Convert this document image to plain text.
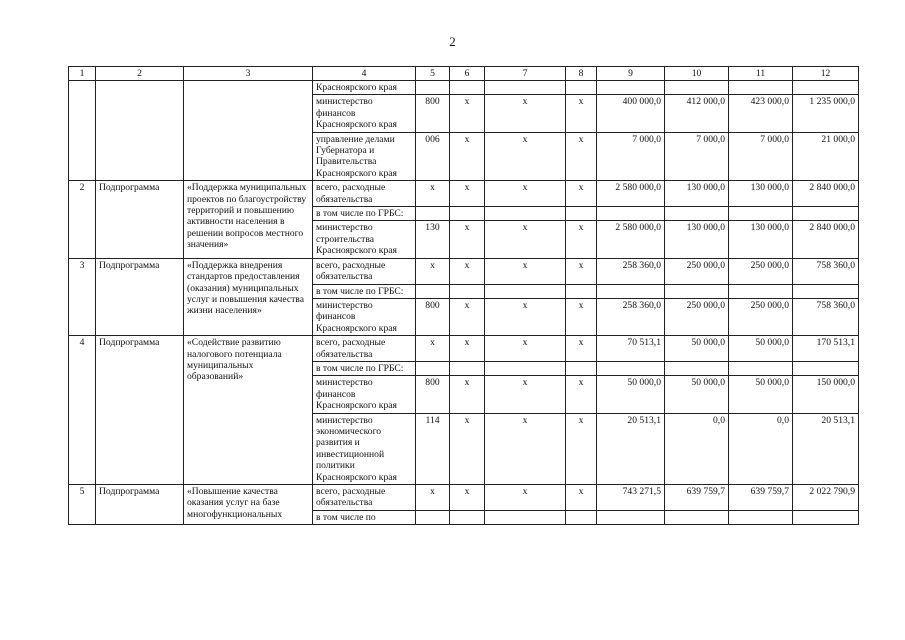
2
1	2	3	4	5	6	7	8	9	10	11	12
			Красноярского края								
			министерство финансов Красноярского края	800	х	х	х	400 000,0	412 000,0	423 000,0	1 235 000,0
			управление делами Губернатора и Правительства Красноярского края	006	х	х	х	7 000,0	7 000,0	7 000,0	21 000,0
2	Подпрограмма	«Поддержка муниципальных проектов по благоустройству территорий и повышению активности населения в решении вопросов местного значения»	всего, расходные обязательства	х	х	х	х	2 580 000,0	130 000,0	130 000,0	2 840 000,0
			в том числе по ГРБС:								
			министерство строительства Красноярского края	130	х	х	х	2 580 000,0	130 000,0	130 000,0	2 840 000,0
3	Подпрограмма	«Поддержка внедрения стандартов предоставления (оказания) муниципальных услуг и повышения качества жизни населения»	всего, расходные обязательства	х	х	х	х	258 360,0	250 000,0	250 000,0	758 360,0
			в том числе по ГРБС:								
			министерство финансов Красноярского края	800	х	х	х	258 360,0	250 000,0	250 000,0	758 360,0
4	Подпрограмма	«Содействие развитию налогового потенциала муниципальных образований»	всего, расходные обязательства	х	х	х	х	70 513,1	50 000,0	50 000,0	170 513,1
			в том числе по ГРБС:								
			министерство финансов Красноярского края	800	х	х	х	50 000,0	50 000,0	50 000,0	150 000,0
			министерство экономического развития и инвестиционной политики Красноярского края	114	х	х	х	20 513,1	0,0	0,0	20 513,1
5	Подпрограмма	«Повышение качества оказания услуг на базе многофункциональных	всего, расходные обязательства	х	х	х	х	743 271,5	639 759,7	639 759,7	2 022 790,9
			в том числе по								
